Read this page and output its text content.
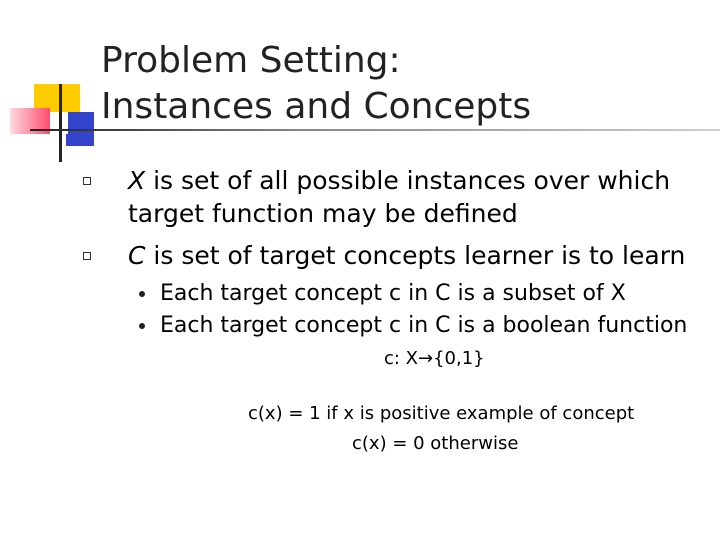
Problem Setting:
Instances and Concepts
X is set of all possible instances over which
target function may be defined
C is set of target concepts learner is to learn
Each target concept c in C is a subset of X
Each target concept c in C is a boolean function
c: X→{0,1}
c(x) = 1 if x is positive example of concept
c(x) = 0 otherwise
